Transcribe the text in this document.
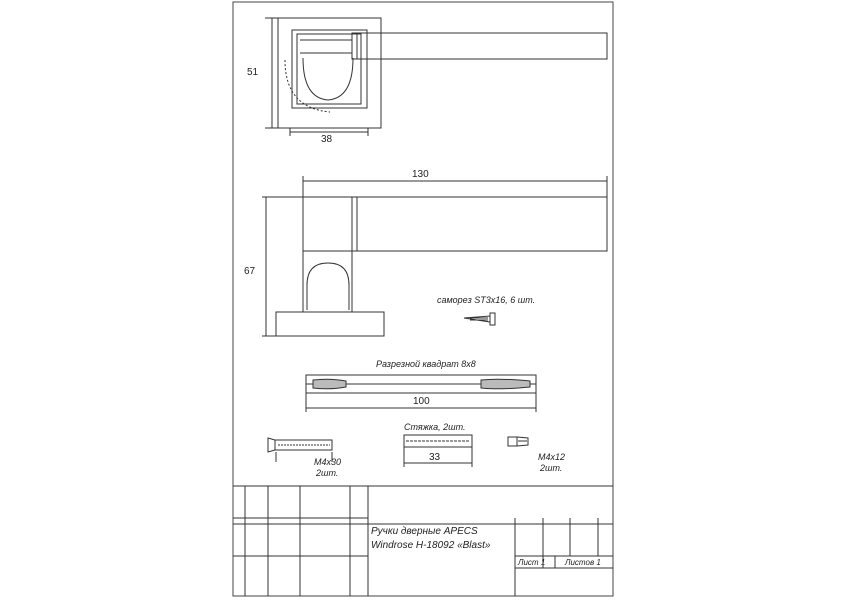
51
38
130
67
саморез ST3x16, 6 шт.
Разрезной квадрат 8x8
100
M4x30
2шт.
Стяжка, 2шт.
33	M4x12
2шт.
Ручки дверные APECS
Windrose H-18092 «Blast»
Лист 1 Листов 1
